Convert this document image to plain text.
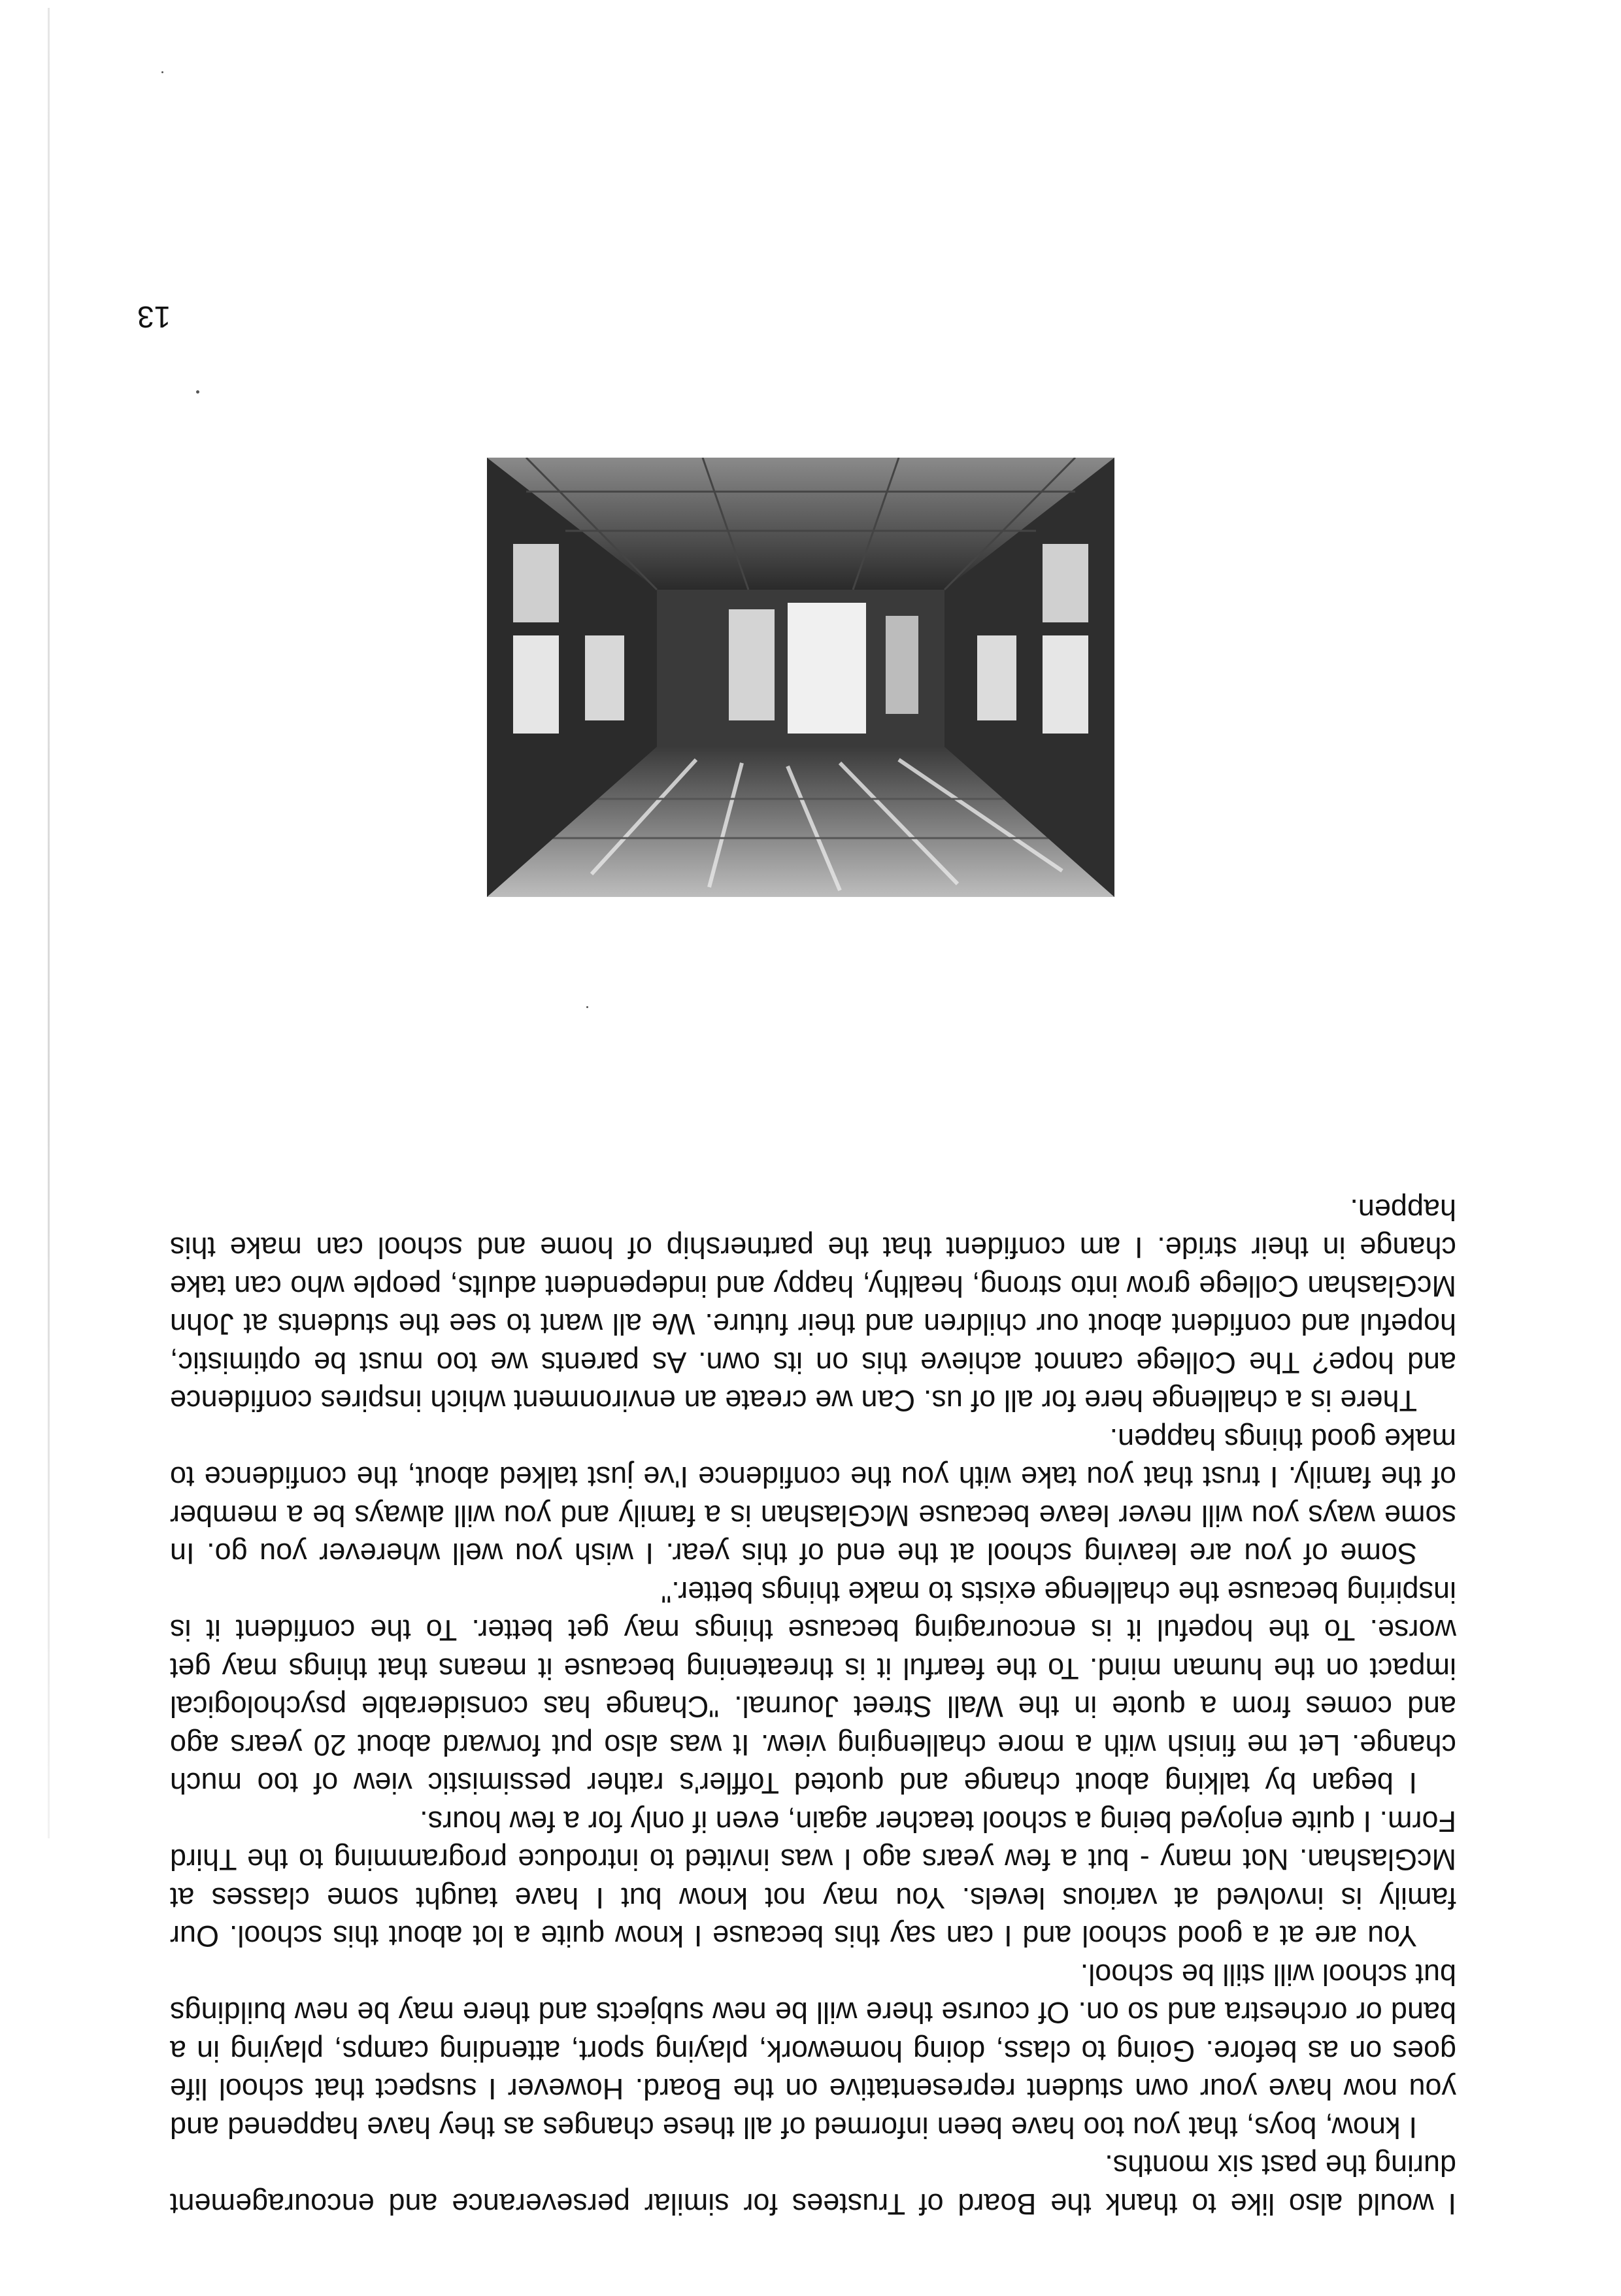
I would also like to thank the Board of Trustees for similar perseverance and encouragement during the past six months.

I know, boys, that you too have been informed of all these changes as they have happened and you now have your own student representative on the Board. However I suspect that school life goes on as before. Going to class, doing homework, playing sport, attending camps, playing in a band or orchestra and so on. Of course there will be new subjects and there may be new buildings but school will still be school.

You are at a good school and I can say this because I know quite a lot about this school. Our family is involved at various levels. You may not know but I have taught some classes at McGlashan. Not many - but a few years ago I was invited to introduce programming to the Third Form. I quite enjoyed being a school teacher again, even if only for a few hours.

I began by talking about change and quoted Toffler's rather pessimistic view of too much change. Let me finish with a more challenging view. It was also put forward about 20 years ago and comes from a quote in the Wall Street Journal. "Change has considerable psychological impact on the human mind. To the fearful it is threatening because it means that things may get worse. To the hopeful it is encouraging because things may get better. To the confident it is inspiring because the challenge exists to make things better."

Some of you are leaving school at the end of this year. I wish you well wherever you go. In some ways you will never leave because McGlashan is a family and you will always be a member of the family. I trust that you take with you the confidence I've just talked about, the confidence to make good things happen.

There is a challenge here for all of us. Can we create an environment which inspires confidence and hope? The College cannot achieve this on its own. As parents we too must be optimistic, hopeful and confident about our children and their future. We all want to see the students at John McGlashan College grow into strong, healthy, happy and independent adults, people who can take change in their stride. I am confident that the partnership of home and school can make this happen.

13
